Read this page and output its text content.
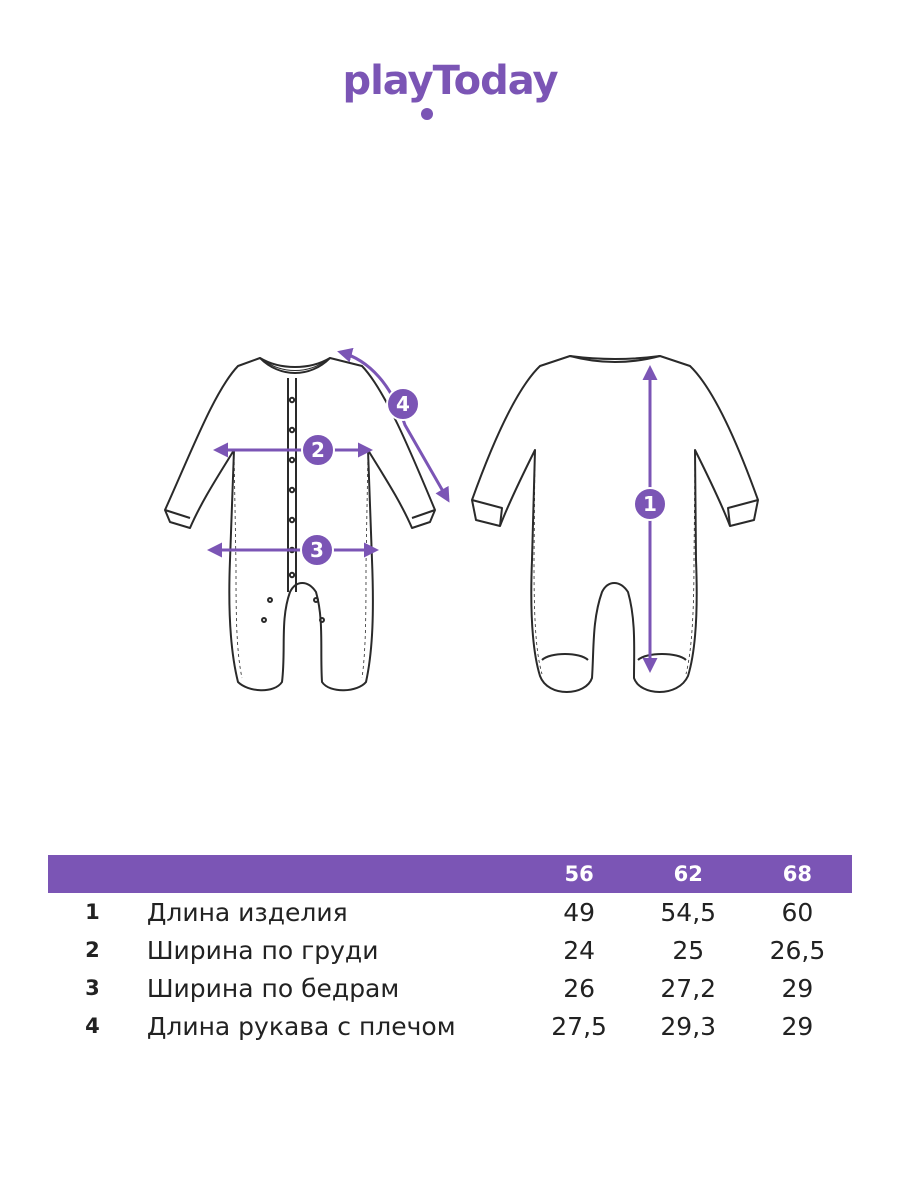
playToday
1
2
3
4
		56	62	68
1	Длина изделия	49	54,5	60
2	Ширина по груди	24	25	26,5
3	Ширина по бедрам	26	27,2	29
4	Длина рукава с плечом	27,5	29,3	29
